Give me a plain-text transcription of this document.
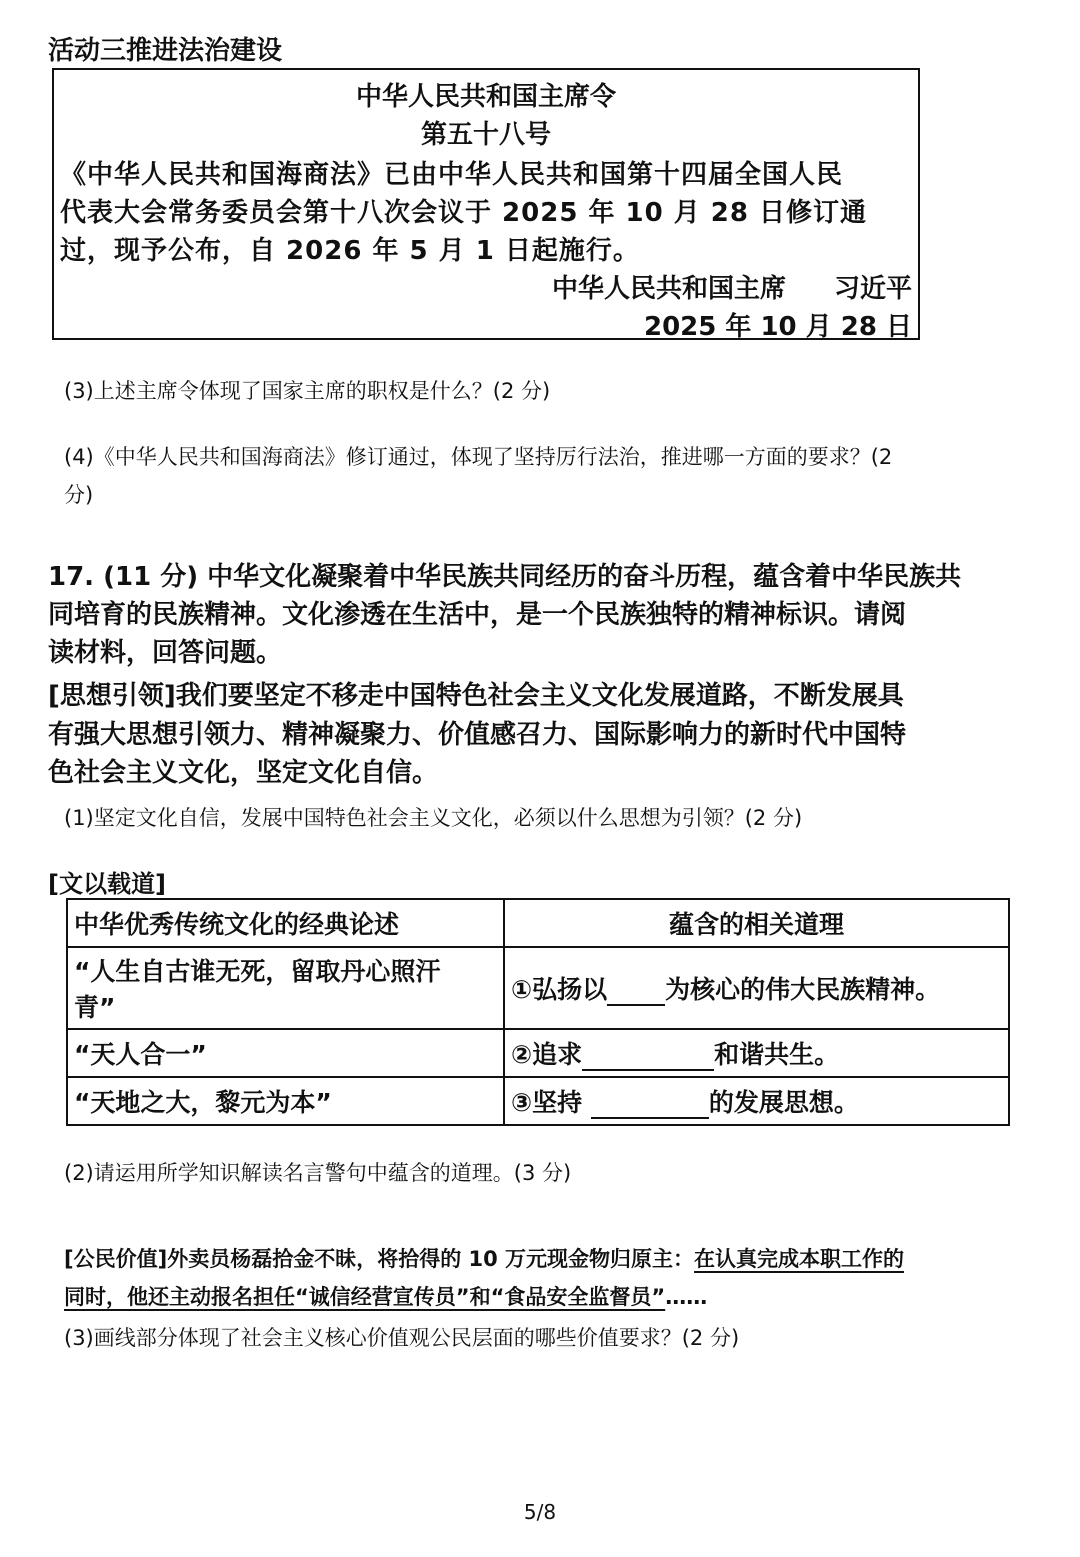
活动三推进法治建设
中华人民共和国主席令
第五十八号
《中华人民共和国海商法》已由中华人民共和国第十四届全国人民
代表大会常务委员会第十八次会议于 2025 年 10 月 28 日修订通
过，现予公布，自 2026 年 5 月 1 日起施行。
中华人民共和国主席 习近平
2025 年 10 月 28 日
(3)上述主席令体现了国家主席的职权是什么？(2 分)
(4)《中华人民共和国海商法》修订通过，体现了坚持厉行法治，推进哪一方面的要求？(2
分)
17. (11 分) 中华文化凝聚着中华民族共同经历的奋斗历程，蕴含着中华民族共
同培育的民族精神。文化渗透在生活中，是一个民族独特的精神标识。请阅
读材料，回答问题。
[思想引领]我们要坚定不移走中国特色社会主义文化发展道路，不断发展具
有强大思想引领力、精神凝聚力、价值感召力、国际影响力的新时代中国特
色社会主义文化，坚定文化自信。
(1)坚定文化自信，发展中国特色社会主义文化，必须以什么思想为引领？(2 分)
[文以载道]
中华优秀传统文化的经典论述	蕴含的相关道理
“人生自古谁无死，留取丹心照汗
青”	①弘扬以 为核心的伟大民族精神。
“天人合一”	②追求 和谐共生。
“天地之大，黎元为本”	③坚持 的发展思想。
(2)请运用所学知识解读名言警句中蕴含的道理。(3 分)
[公民价值]外卖员杨磊拾金不昧，将拾得的 10 万元现金物归原主：在认真完成本职工作的
同时，他还主动报名担任“诚信经营宣传员”和“食品安全监督员”……
(3)画线部分体现了社会主义核心价值观公民层面的哪些价值要求？(2 分)
5/8
